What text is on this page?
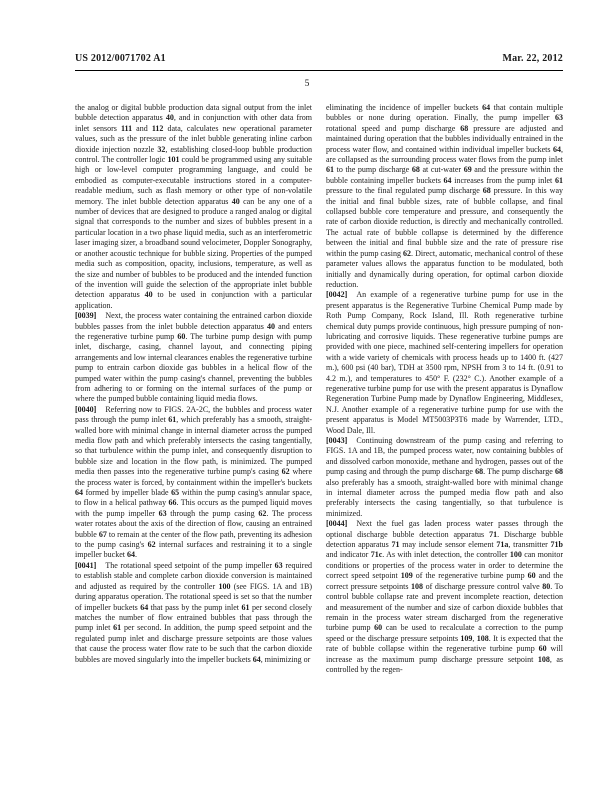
US 2012/0071702 A1	Mar. 22, 2012
5

the analog or digital bubble production data signal output from the inlet bubble detection apparatus 40, and in conjunction with other data from inlet sensors 111 and 112 data, calculates new operational parameter values, such as the pressure of the inlet bubble generating inline carbon dioxide injection nozzle 32, establishing closed-loop bubble production control. The controller logic 101 could be programmed using any suitable high or low-level computer programming language, and could be embodied as computer-executable instructions stored in a computer-readable medium, such as flash memory or other type of non-volatile memory. The inlet bubble detection apparatus 40 can be any one of a number of devices that are designed to produce a ranged analog or digital signal that corresponds to the number and sizes of bubbles present in a particular location in a two phase liquid media, such as an interferometric laser imaging sizer, a broadband sound velocimeter, Doppler Sonography, or another acoustic technique for bubble sizing. Properties of the pumped media such as composition, opacity, inclusions, temperature, as well as the size and number of bubbles to be produced and the intended function of the invention will guide the selection of the appropriate inlet bubble detection apparatus 40 to be used in conjunction with a particular application.

[0039] Next, the process water containing the entrained carbon dioxide bubbles passes from the inlet bubble detection apparatus 40 and enters the regenerative turbine pump 60. The turbine pump design with pump inlet, discharge, casing, channel layout, and connecting piping arrangements and low internal clearances enables the regenerative turbine pump to entrain carbon dioxide gas bubbles in a helical flow of the pumped water within the pump casing's channel, preventing the bubbles from adhering to or forming on the internal surfaces of the pump or where the pumped bubble containing liquid media flows.

[0040] Referring now to FIGS. 2A-2C, the bubbles and process water pass through the pump inlet 61, which preferably has a smooth, straight-walled bore with minimal change in internal diameter across the pumped media flow path and which preferably intersects the casing tangentially, so that turbulence within the pump inlet, and consequently disruption to bubble size and location in the flow path, is minimized. The pumped media then passes into the regenerative turbine pump's casing 62 where the process water is forced, by containment within the impeller's buckets 64 formed by impeller blade 65 within the pump casing's annular space, to flow in a helical pathway 66. This occurs as the pumped liquid moves with the pump impeller 63 through the pump casing 62. The process water rotates about the axis of the direction of flow, causing an entrained bubble 67 to remain at the center of the flow path, preventing its adhesion to the pump casing's 62 internal surfaces and restraining it to a single impeller bucket 64.

[0041] The rotational speed setpoint of the pump impeller 63 required to establish stable and complete carbon dioxide conversion is maintained and adjusted as required by the controller 100 (see FIGS. 1A and 1B) during apparatus operation. The rotational speed is set so that the number of impeller buckets 64 that pass by the pump inlet 61 per second closely matches the number of flow entrained bubbles that pass through the pump inlet 61 per second. In addition, the pump speed setpoint and the regulated pump inlet and discharge pressure setpoints are those values that cause the process water flow rate to be such that the carbon dioxide bubbles are moved singularly into the impeller buckets 64, minimizing or

eliminating the incidence of impeller buckets 64 that contain multiple bubbles or none during operation. Finally, the pump impeller 63 rotational speed and pump discharge 68 pressure are adjusted and maintained during operation that the bubbles individually entrained in the process water flow, and contained within individual impeller buckets 64, are collapsed as the surrounding process water flows from the pump inlet 61 to the pump discharge 68 at cut-water 69 and the pressure within the bubble containing impeller buckets 64 increases from the pump inlet 61 pressure to the final regulated pump discharge 68 pressure. In this way the initial and final bubble sizes, rate of bubble collapse, and final collapsed bubble core temperature and pressure, and consequently the rate of carbon dioxide reduction, is directly and mechanically controlled. The actual rate of bubble collapse is determined by the difference between the initial and final bubble size and the rate of pressure rise within the pump casing 62. Direct, automatic, mechanical control of these parameter values allows the apparatus function to be modulated, both initially and dynamically during operation, for optimal carbon dioxide reduction.

[0042] An example of a regenerative turbine pump for use in the present apparatus is the Regenerative Turbine Chemical Pump made by Roth Pump Company, Rock Island, Ill. Roth regenerative turbine chemical duty pumps provide continuous, high pressure pumping of non-lubricating and corrosive liquids. These regenerative turbine pumps are provided with one piece, machined self-centering impellers for operation with a wide variety of chemicals with process heads up to 1400 ft. (427 m.), 600 psi (40 bar), TDH at 3500 rpm, NPSH from 3 to 14 ft. (0.91 to 4.2 m.), and temperatures to 450° F. (232° C.). Another example of a regenerative turbine pump for use with the present apparatus is Dynaflow Regeneration Turbine Pump made by Dynaflow Engineering, Middlesex, N.J. Another example of a regenerative turbine pump for use with the present apparatus is Model MT5003P3T6 made by Warrender, LTD., Wood Dale, Ill.

[0043] Continuing downstream of the pump casing and referring to FIGS. 1A and 1B, the pumped process water, now containing bubbles of and dissolved carbon monoxide, methane and hydrogen, passes out of the pump casing and through the pump discharge 68. The pump discharge 68 also preferably has a smooth, straight-walled bore with minimal change in internal diameter across the pumped media flow path and also preferably intersects the casing tangentially, so that turbulence is minimized.

[0044] Next the fuel gas laden process water passes through the optional discharge bubble detection apparatus 71. Discharge bubble detection apparatus 71 may include sensor element 71a, transmitter 71b and indicator 71c. As with inlet detection, the controller 100 can monitor conditions or properties of the process water in order to determine the correct speed setpoint 109 of the regenerative turbine pump 60 and the correct pressure setpoints 108 of discharge pressure control valve 80. To control bubble collapse rate and prevent incomplete reaction, detection and measurement of the number and size of carbon dioxide bubbles that remain in the process water stream discharged from the regenerative turbine pump 60 can be used to recalculate a correction to the pump speed or the discharge pressure setpoints 109, 108. It is expected that the rate of bubble collapse within the regenerative turbine pump 60 will increase as the maximum pump discharge pressure setpoint 108, as controlled by the regen-
